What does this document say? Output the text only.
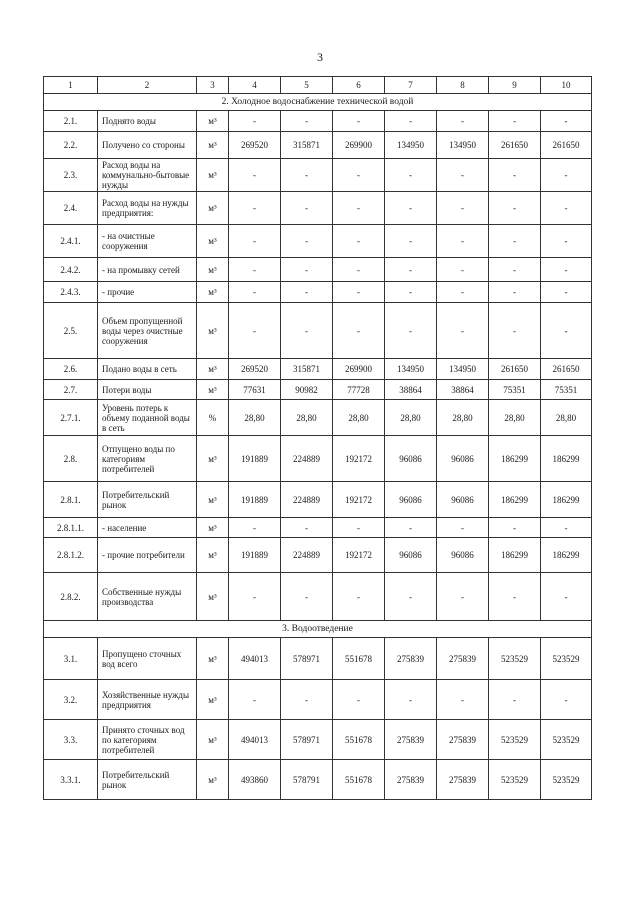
3
1	2	3	4	5	6	7	8	9	10
2. Холодное водоснабжение технической водой									
2.1.	Поднято воды	м³	-	-	-	-	-	-	-
2.2.	Получено со стороны	м³	269520	315871	269900	134950	134950	261650	261650
2.3.	Расход воды на коммунально-бытовые нужды	м³	-	-	-	-	-	-	-
2.4.	Расход воды на нужды предприятия:	м³	-	-	-	-	-	-	-
2.4.1.	- на очистные сооружения	м³	-	-	-	-	-	-	-
2.4.2.	- на промывку сетей	м³	-	-	-	-	-	-	-
2.4.3.	- прочие	м³	-	-	-	-	-	-	-
2.5.	Объем пропущенной воды через очистные сооружения	м³	-	-	-	-	-	-	-
2.6.	Подано воды в сеть	м³	269520	315871	269900	134950	134950	261650	261650
2.7.	Потери воды	м³	77631	90982	77728	38864	38864	75351	75351
2.7.1.	Уровень потерь к объему поданной воды в сеть	%	28,80	28,80	28,80	28,80	28,80	28,80	28,80
2.8.	Отпущено воды по категориям потребителей	м³	191889	224889	192172	96086	96086	186299	186299
2.8.1.	Потребительский рынок	м³	191889	224889	192172	96086	96086	186299	186299
2.8.1.1.	- население	м³	-	-	-	-	-	-	-
2.8.1.2.	- прочие потребители	м³	191889	224889	192172	96086	96086	186299	186299
2.8.2.	Собственные нужды производства	м³	-	-	-	-	-	-	-
3. Водоотведение									
3.1.	Пропущено сточных вод всего	м³	494013	578971	551678	275839	275839	523529	523529
3.2.	Хозяйственные нужды предприятия	м³	-	-	-	-	-	-	-
3.3.	Принято сточных вод по категориям потребителей	м³	494013	578971	551678	275839	275839	523529	523529
3.3.1.	Потребительский рынок	м³	493860	578791	551678	275839	275839	523529	523529
